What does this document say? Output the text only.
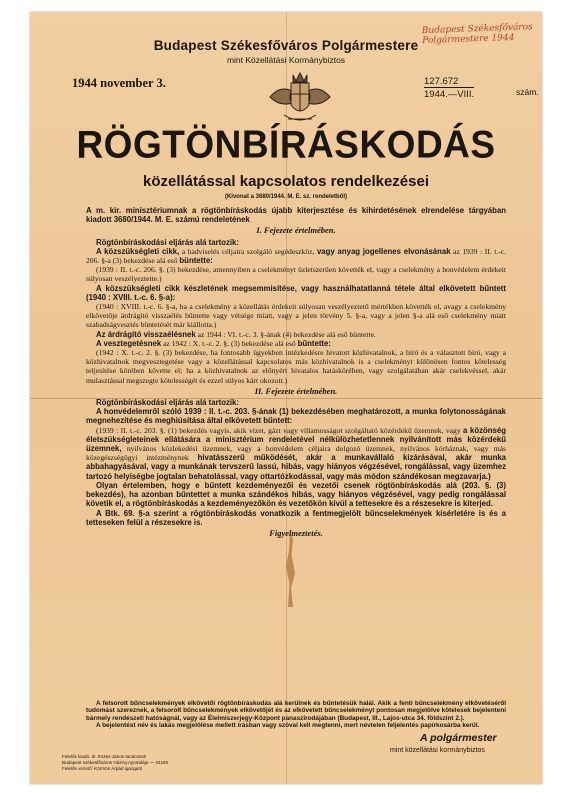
Budapest Székesfőváros Polgármestere 1944
Budapest Székesfőváros Polgármestere
mint Közellátási Kormánybiztos
1944 november 3.	127.672
1944.—VIII.	szám.
RÖGTÖNBÍRÁSKODÁS
közellátással kapcsolatos rendelkezései
(Kivonat a 3680/1944. M. E. sz. rendeletből)

A m. kir. minisztériumnak a rögtönbíráskodás újabb kiterjesztése és kihirdetésének elrendelése tárgyában kiadott 3680/1944. M. E. számú rendeletének

I. Fejezete értelmében.

Rögtönbíráskodási eljárás alá tartozik:

A közszükségleti cikk, a hadviselés céljaira szolgáló segédeszköz, vagy anyag jogellenes elvonásának az 1939 : II. t.-c. 206. §-a (3) bekezdése alá eső büntette:

(1939 : II. t.-c. 206. §. (3) bekezdése, amennyiben a cselekményt üzletszerűen követték el, vagy a cselekmény a honvédelem érdekeit súlyosan veszélyeztette.)

A közszükségleti cikk készletének megsemmisítése, vagy használhatatlanná tétele által elkövetett bűntett (1940 : XVIII. t.-c. 6. §-a):

(1940 : XVIII. t.-c. 6. §-a, ha a cselekmény a közellátás érdekeit súlyosan veszélyeztető mértékben követték el, avagy a cselekmény elkövetője árdrágító visszaélés bűntette vagy vétsége miatt, vagy a jelen törvény 5. §-a, vagy a jelen §-a alá eső cselekmény miatt szabadságvesztés büntetését már kiállotta.)

Az árdrágító visszaélésnek az 1944 : VI. t.-c. 3. §-ának (4) bekezdése alá eső büntette.

A vesztegetésnek az 1942 : X. t.-c. 2. §. (3) bekezdése alá eső bűntette:

(1942 : X. t.-c. 2. §. (3) bekezdése, ha fontosabb ügyekben intézkedésre hivatott közhivatalnok, a bíró és a választott bíró, vagy a közhivatalnok megvesztegetése vagy a közellátással kapcsolatos más közhivatalnok is a cselekményt különösen fontos kötelesség teljesítése körében követte el; ha a közhivatalnok az előnyért hivatalos hatáskörében, vagy szolgálatában akár cselekvéssel, akár mulasztással megszegte kötelességét és ezzel súlyos kárt okozott.)

II. Fejezete értelmében.

Rögtönbíráskodási eljárás alá tartozik:

A honvédelemről szóló 1939 : II. t.-c. 203. §-ának (1) bekezdésében meghatározott, a munka folytonosságának megnehezítése és meghiúsítása által elkövetett bűntett:

(1939 : II. t.-c. 203. §. (1) bekezdés vagyis, akik vizet, gázt vagy villamosságot szolgáltató közérdekű üzemnek, vagy a közönség életszükségleteinek ellátására a minisztérium rendeletével nélkülözhetetlennek nyilvánított más közérdekű üzemnek, nyilvános közlekedési üzemnek, vagy a honvédelem céljaira dolgozó üzemnek, nyilvános kórháznak, vagy más közegészségügyi intézménynek hivatásszerű működését, akár a munkavállaló kizárásával, akár munka abbahagyásával, vagy a munkának tervszerű lassú, hibás, vagy hiányos végzésével, rongálással, vagy üzemhez tartozó helyiségbe jogtalan behatolással, vagy ottartózkodással, vagy más módon szándékosan megzavarja.)

Olyan értelemben, hogy e bűntett kezdeményezői és vezetői csenek rögtönbíráskodás alá (203. §. (3) bekezdés), ha azonban bűntettet a munka szándékos hibás, vagy hiányos végzésével, vagy pedig rongálással követik el, a rögtönbíráskodás a kezdeményezőkön és vezetőkön kívül a tettesekre és a részesekre is kiterjed.

A Btk. 69. §-a szerint a rögtönbíráskodás vonatkozik a fentmegjelölt bűncselekmények kísérletére is és a tetteseken felül a részesekre is.

Figyelmeztetés.

A felsorolt bűncselekmények elkövetői rögtönbíráskodás alá kerülnek és bűntetésük halál. Akik a fenti bűncselekmény elkövetéséről tudomást szereznek, a felsorolt bűncselekmények elkövetőjét és az elkövetett bűncselekményt pontosan megjelölve kötelesek bejelenteni bármely rendészeti hatóságnál, vagy az Élelmiszerjegy-Központ panaszirodájában (Budapest, III., Lajos-utca 34. földszint 2.).

A bejelentést név és lakás megjelölése mellett írásban vagy szóval kell megtenni, mert névtelen feljelentés papírkosárba kerül.

Felelős kiadó: dr. Eszes János tanácsnok
Budapest székesfőváros Háziny.nyomdája — 34180
Felelős vezető: Körmös Árpád igazgató
A polgármester
mint közellátási kormánybiztos
